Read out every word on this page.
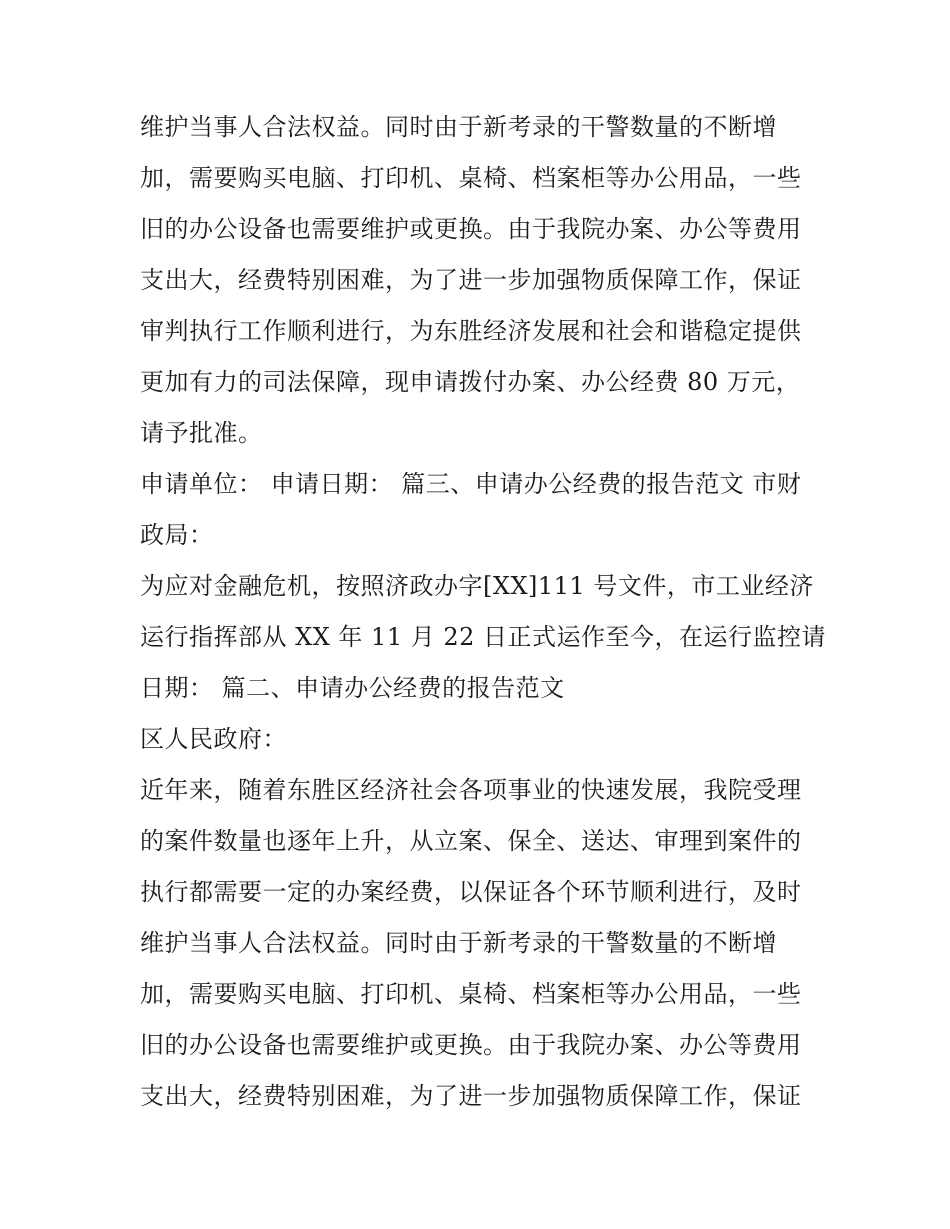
维护当事人合法权益。同时由于新考录的干警数量的不断增
加，需要购买电脑、打印机、桌椅、档案柜等办公用品，一些
旧的办公设备也需要维护或更换。由于我院办案、办公等费用
支出大，经费特别困难，为了进一步加强物质保障工作，保证
审判执行工作顺利进行，为东胜经济发展和社会和谐稳定提供
更加有力的司法保障，现申请拨付办案、办公经费 80 万元，
请予批准。
申请单位： 申请日期： 篇三、申请办公经费的报告范文 市财
政局：
为应对金融危机，按照济政办字[XX]111 号文件，市工业经济
运行指挥部从 XX 年 11 月 22 日正式运作至今，在运行监控请
日期： 篇二、申请办公经费的报告范文
区人民政府：
近年来，随着东胜区经济社会各项事业的快速发展，我院受理
的案件数量也逐年上升，从立案、保全、送达、审理到案件的
执行都需要一定的办案经费，以保证各个环节顺利进行，及时
维护当事人合法权益。同时由于新考录的干警数量的不断增
加，需要购买电脑、打印机、桌椅、档案柜等办公用品，一些
旧的办公设备也需要维护或更换。由于我院办案、办公等费用
支出大，经费特别困难，为了进一步加强物质保障工作，保证
